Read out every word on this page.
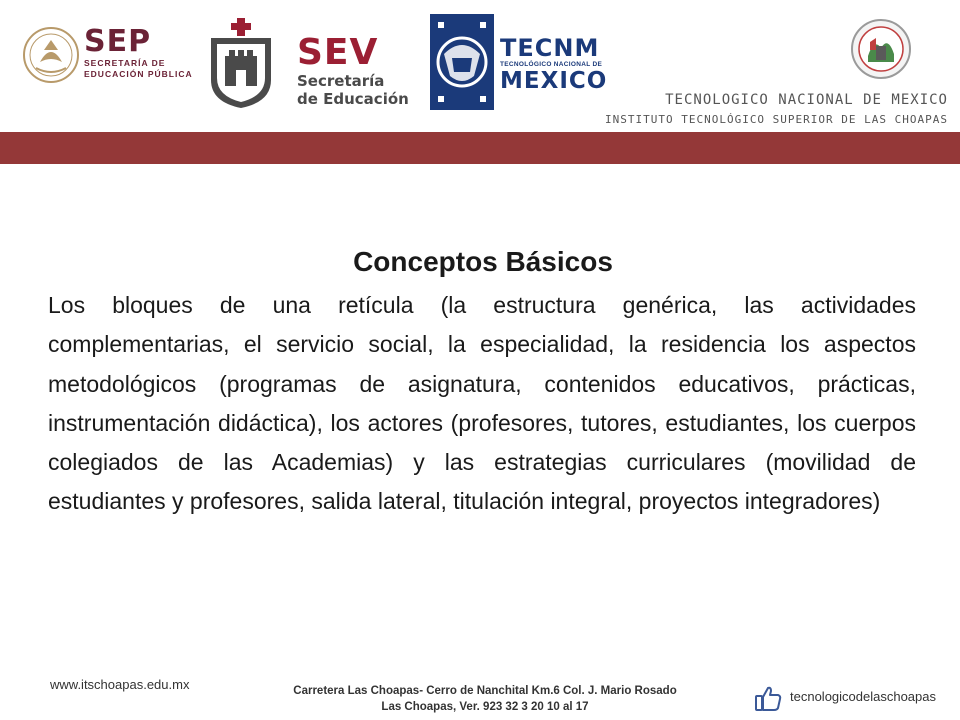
SEP
SECRETARÍA DE
EDUCACIÓN PÚBLICA
SEV
Secretaría
de Educación
TECNM
TECNOLÓGICO NACIONAL DE
MEXICO
TECNOLOGICO NACIONAL DE MEXICO
INSTITUTO TECNOLÓGICO SUPERIOR DE LAS CHOAPAS
Conceptos Básicos
Los bloques de una retícula (la estructura genérica, las actividades complementarias, el servicio social, la especialidad, la residencia los aspectos metodológicos (programas de asignatura, contenidos educativos, prácticas, instrumentación didáctica), los actores (profesores, tutores, estudiantes, los cuerpos colegiados de las Academias) y las estrategias curriculares (movilidad de estudiantes y profesores, salida lateral, titulación integral, proyectos integradores)
www.itschoapas.edu.mx	Carretera Las Choapas- Cerro de Nanchital Km.6 Col. J. Mario Rosado
Las Choapas, Ver. 923 32 3 20 10 al 17
tecnologicodelaschoapas
